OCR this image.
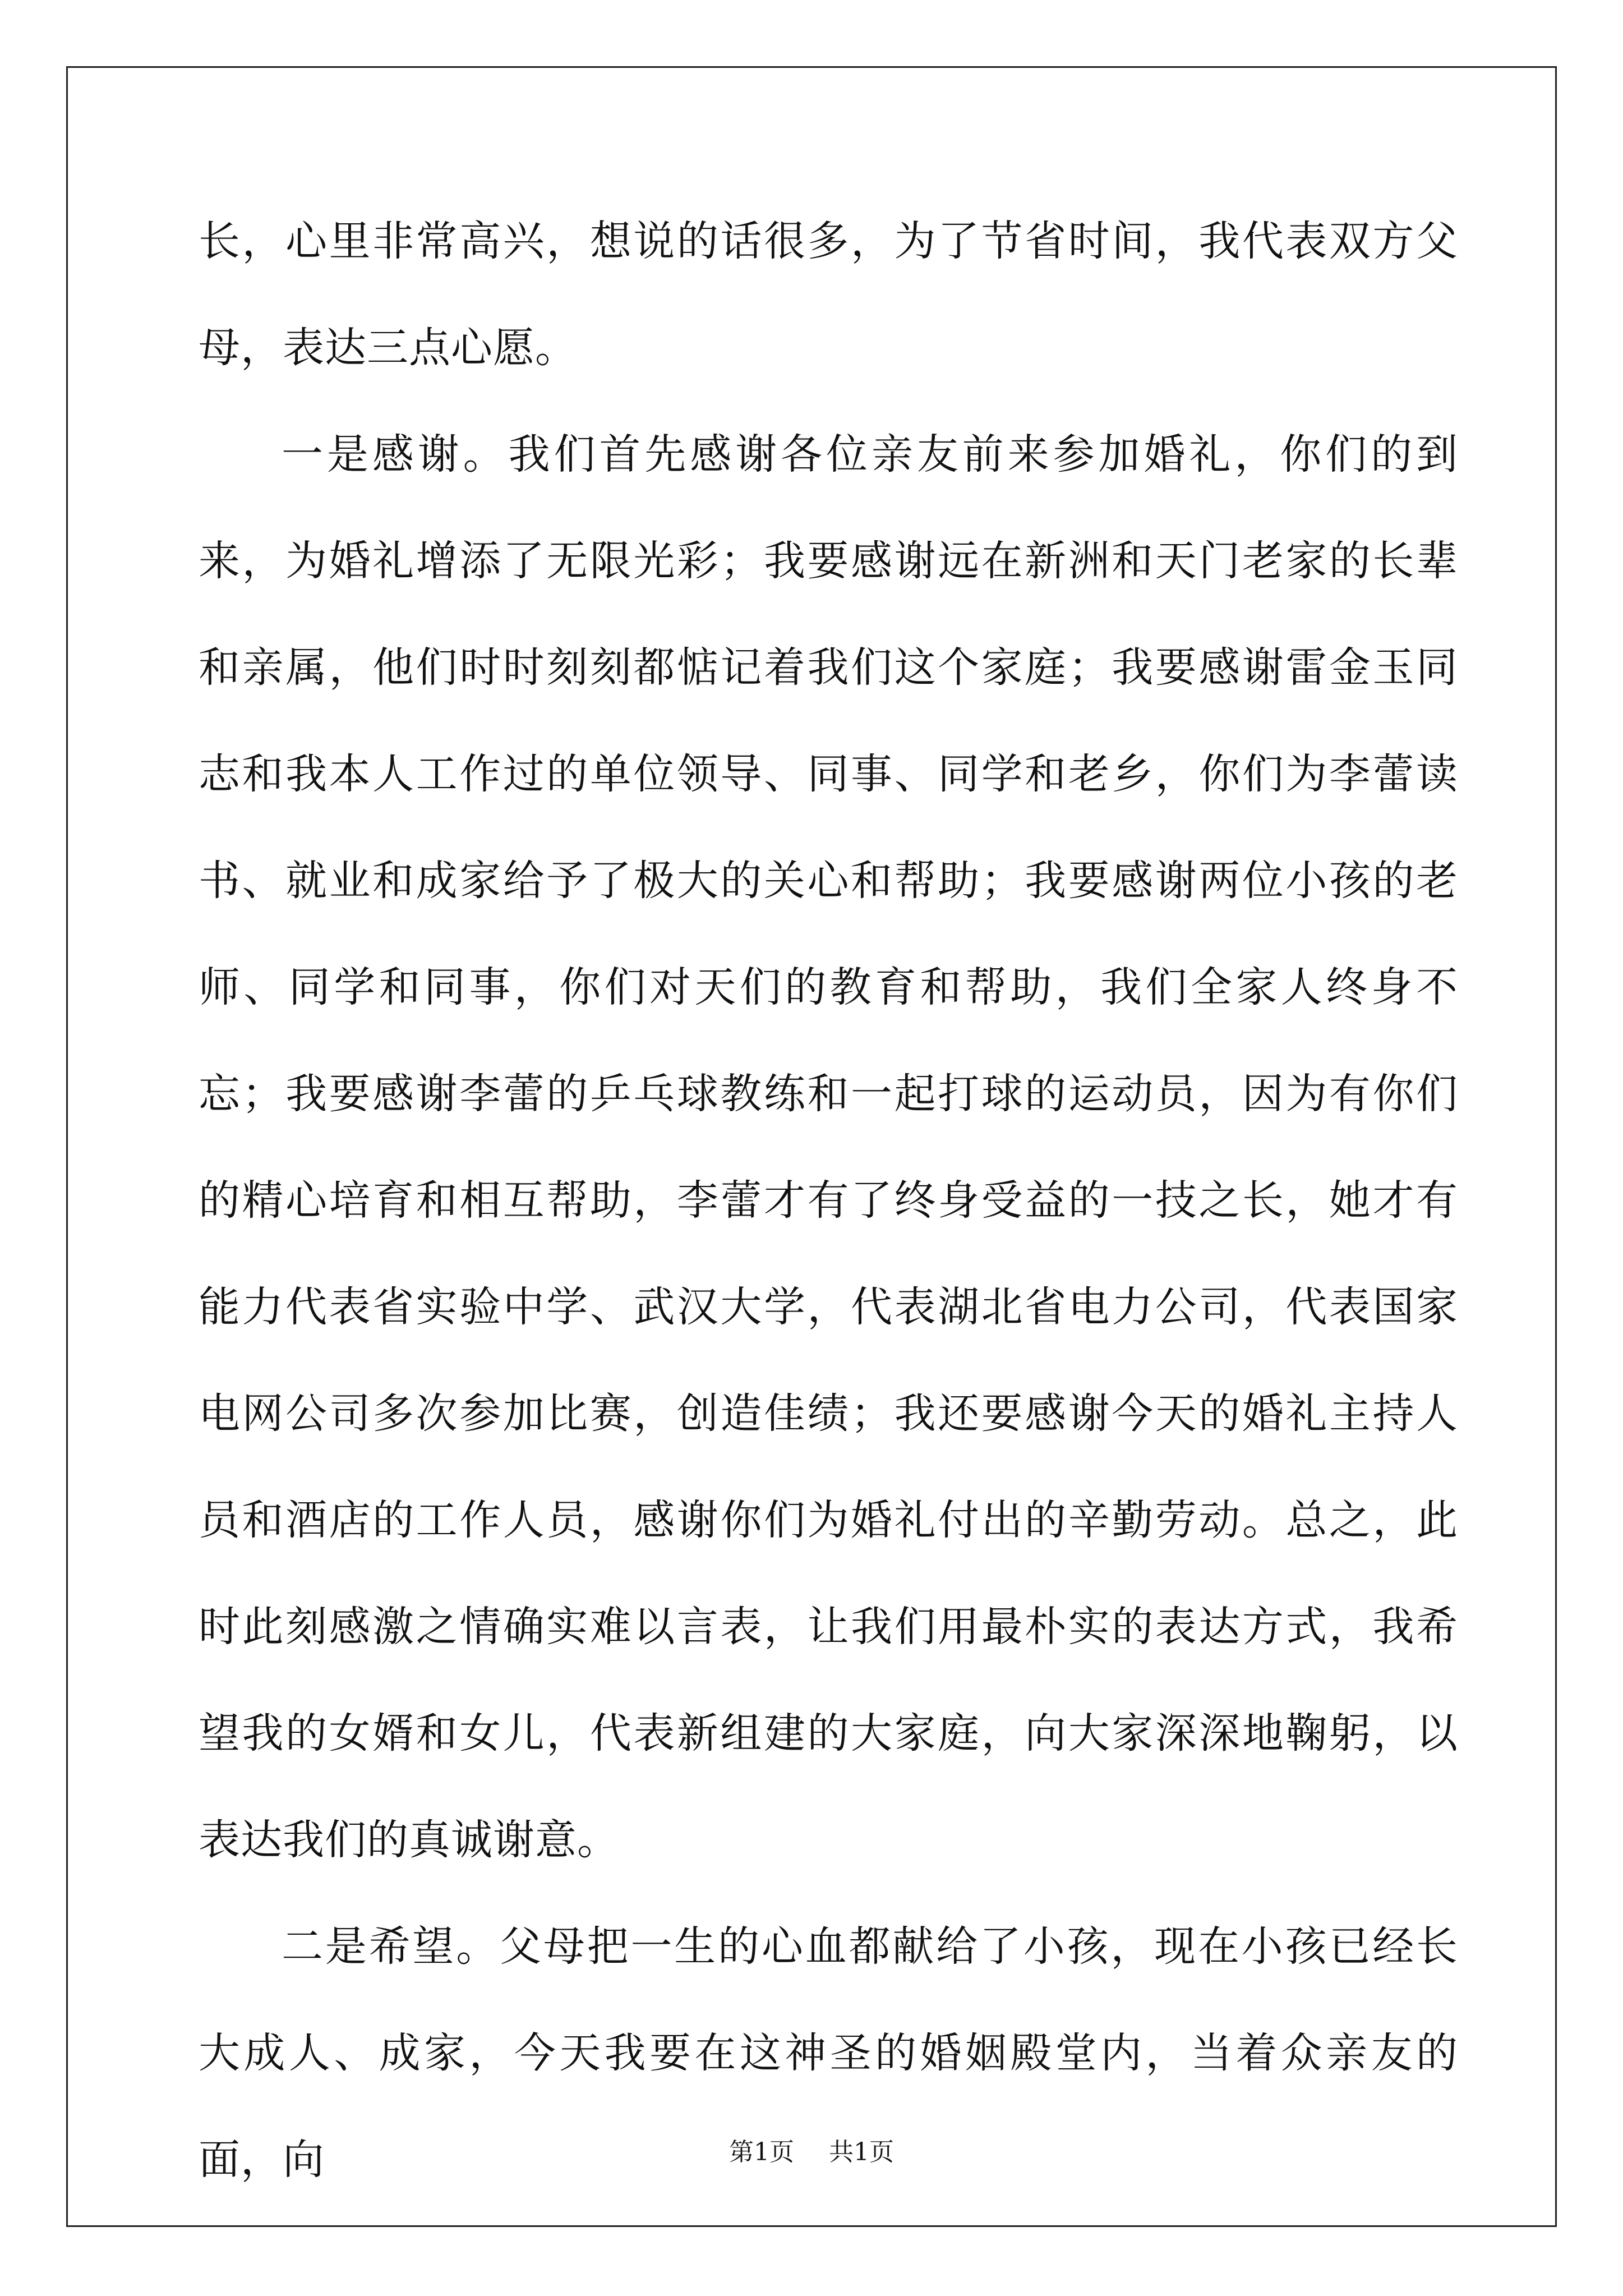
长，心里非常高兴，想说的话很多，为了节省时间，我代表双方父母，表达三点心愿。

一是感谢。我们首先感谢各位亲友前来参加婚礼，你们的到来，为婚礼增添了无限光彩；我要感谢远在新洲和天门老家的长辈和亲属，他们时时刻刻都惦记着我们这个家庭；我要感谢雷金玉同志和我本人工作过的单位领导、同事、同学和老乡，你们为李蕾读书、就业和成家给予了极大的关心和帮助；我要感谢两位小孩的老师、同学和同事，你们对天们的教育和帮助，我们全家人终身不忘；我要感谢李蕾的乒乓球教练和一起打球的运动员，因为有你们的精心培育和相互帮助，李蕾才有了终身受益的一技之长，她才有能力代表省实验中学、武汉大学，代表湖北省电力公司，代表国家电网公司多次参加比赛，创造佳绩；我还要感谢今天的婚礼主持人员和酒店的工作人员，感谢你们为婚礼付出的辛勤劳动。总之，此时此刻感激之情确实难以言表，让我们用最朴实的表达方式，我希望我的女婿和女儿，代表新组建的大家庭，向大家深深地鞠躬，以表达我们的真诚谢意。

二是希望。父母把一生的心血都献给了小孩，现在小孩已经长大成人、成家，今天我要在这神圣的婚姻殿堂内，当着众亲友的面，向	第1页 共1页
